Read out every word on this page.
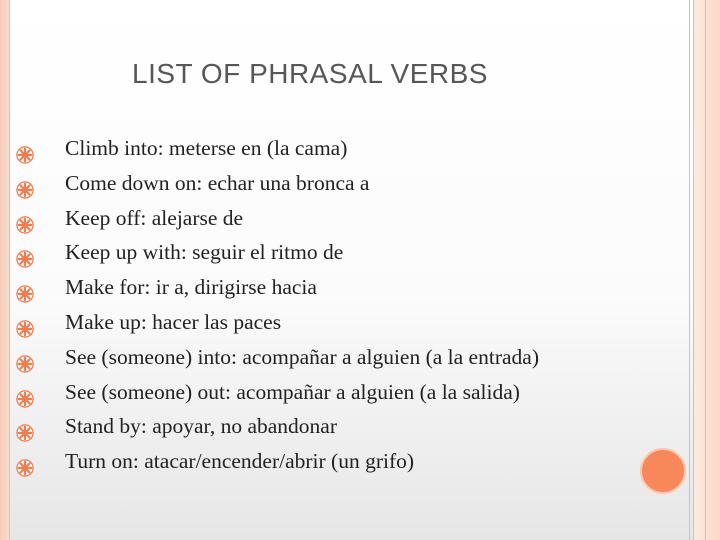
LIST OF PHRASAL VERBS
Climb into: meterse en (la cama)
Come down on: echar una bronca a
Keep off: alejarse de
Keep up with: seguir el ritmo de
Make for: ir a, dirigirse hacia
Make up: hacer las paces
See (someone) into: acompañar a alguien (a la entrada)
See (someone) out: acompañar a alguien (a la salida)
Stand by: apoyar, no abandonar
Turn on: atacar/encender/abrir (un grifo)
